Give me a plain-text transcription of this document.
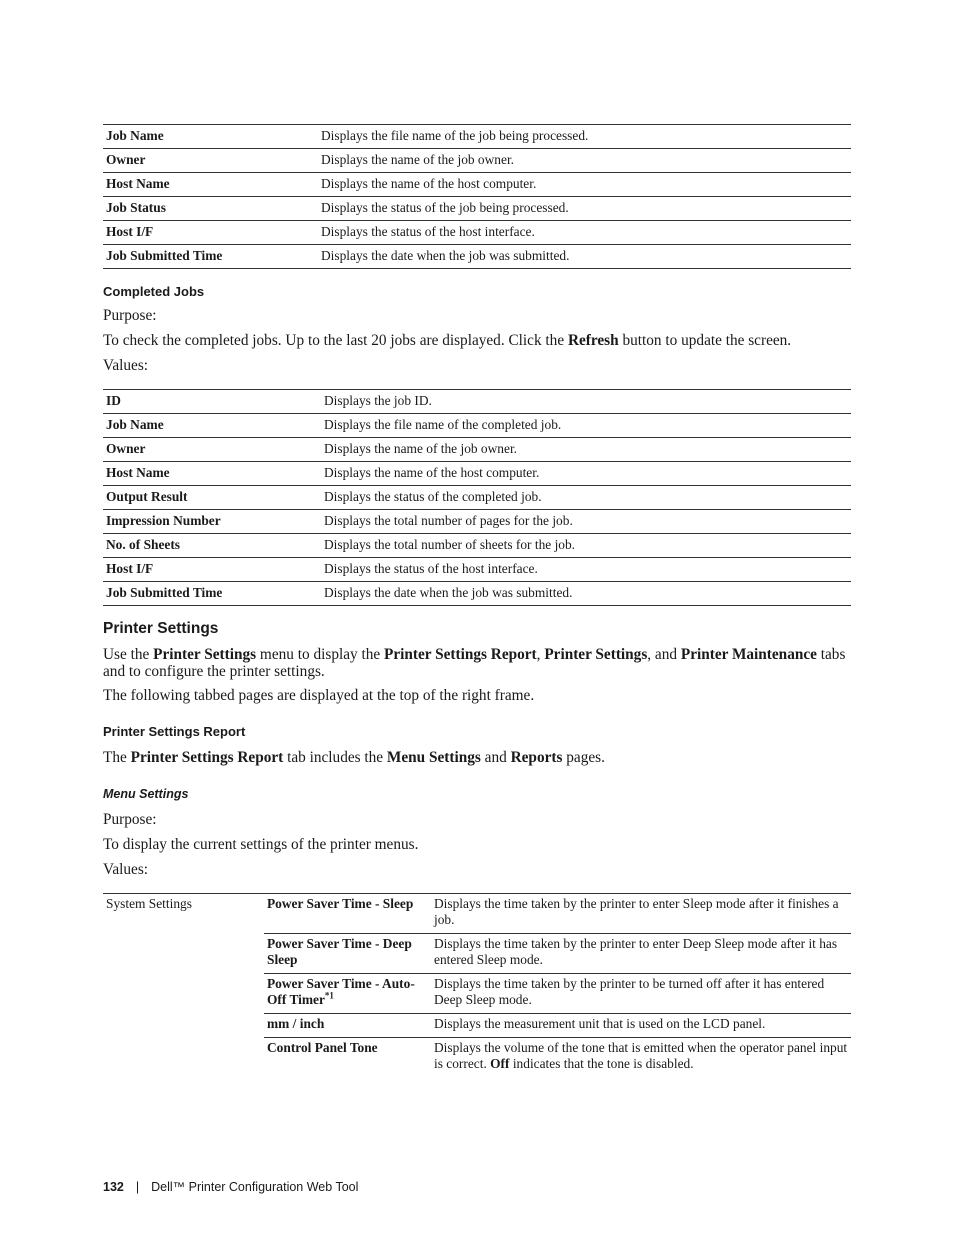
Job Name	Displays the file name of the job being processed.
Owner	Displays the name of the job owner.
Host Name	Displays the name of the host computer.
Job Status	Displays the status of the job being processed.
Host I/F	Displays the status of the host interface.
Job Submitted Time	Displays the date when the job was submitted.
Completed Jobs

Purpose:

To check the completed jobs. Up to the last 20 jobs are displayed. Click the Refresh button to update the screen.

Values:

ID	Displays the job ID.
Job Name	Displays the file name of the completed job.
Owner	Displays the name of the job owner.
Host Name	Displays the name of the host computer.
Output Result	Displays the status of the completed job.
Impression Number	Displays the total number of pages for the job.
No. of Sheets	Displays the total number of sheets for the job.
Host I/F	Displays the status of the host interface.
Job Submitted Time	Displays the date when the job was submitted.
Printer Settings

Use the Printer Settings menu to display the Printer Settings Report, Printer Settings, and Printer Maintenance tabs and to configure the printer settings.

The following tabbed pages are displayed at the top of the right frame.

Printer Settings Report

The Printer Settings Report tab includes the Menu Settings and Reports pages.

Menu Settings

Purpose:

To display the current settings of the printer menus.

Values:

System Settings	Power Saver Time - Sleep	Displays the time taken by the printer to enter Sleep mode after it finishes a job.
	Power Saver Time - Deep Sleep	Displays the time taken by the printer to enter Deep Sleep mode after it has entered Sleep mode.
	Power Saver Time - Auto-Off Timer$^{*1}$	Displays the time taken by the printer to be turned off after it has entered Deep Sleep mode.
	mm / inch	Displays the measurement unit that is used on the LCD panel.
	Control Panel Tone	Displays the volume of the tone that is emitted when the operator panel input is correct. Off indicates that the tone is disabled.
132 | Dell™ Printer Configuration Web Tool
